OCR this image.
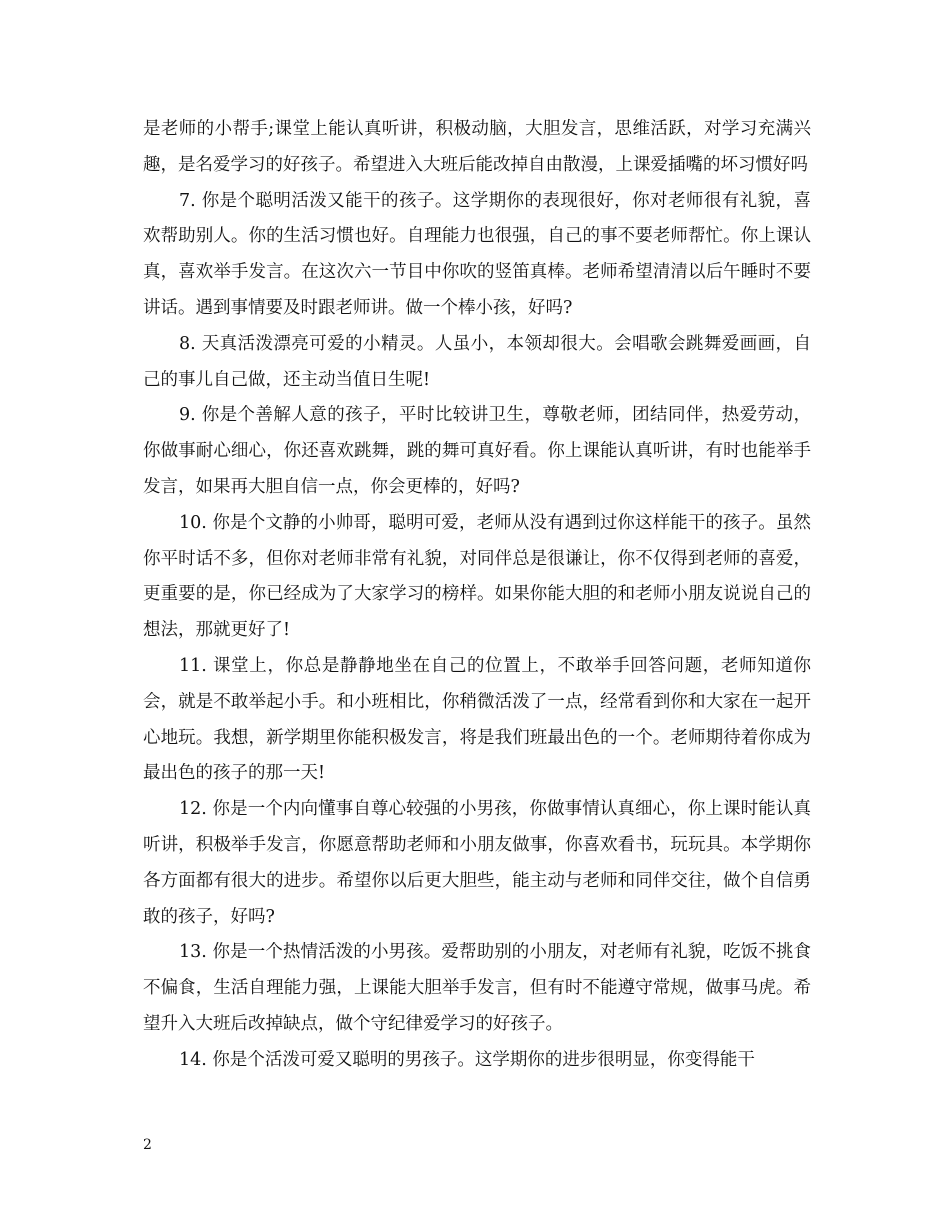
是老师的小帮手;课堂上能认真听讲，积极动脑，大胆发言，思维活跃，对学习充满兴趣，是名爱学习的好孩子。希望进入大班后能改掉自由散漫，上课爱插嘴的坏习惯好吗

7. 你是个聪明活泼又能干的孩子。这学期你的表现很好，你对老师很有礼貌，喜欢帮助别人。你的生活习惯也好。自理能力也很强，自己的事不要老师帮忙。你上课认真，喜欢举手发言。在这次六一节目中你吹的竖笛真棒。老师希望清清以后午睡时不要讲话。遇到事情要及时跟老师讲。做一个棒小孩，好吗?

8. 天真活泼漂亮可爱的小精灵。人虽小，本领却很大。会唱歌会跳舞爱画画，自己的事儿自己做，还主动当值日生呢!

9. 你是个善解人意的孩子，平时比较讲卫生，尊敬老师，团结同伴，热爱劳动，你做事耐心细心，你还喜欢跳舞，跳的舞可真好看。你上课能认真听讲，有时也能举手发言，如果再大胆自信一点，你会更棒的，好吗?

10. 你是个文静的小帅哥，聪明可爱，老师从没有遇到过你这样能干的孩子。虽然你平时话不多，但你对老师非常有礼貌，对同伴总是很谦让，你不仅得到老师的喜爱，更重要的是，你已经成为了大家学习的榜样。如果你能大胆的和老师小朋友说说自己的想法，那就更好了!

11. 课堂上，你总是静静地坐在自己的位置上，不敢举手回答问题，老师知道你会，就是不敢举起小手。和小班相比，你稍微活泼了一点，经常看到你和大家在一起开心地玩。我想，新学期里你能积极发言，将是我们班最出色的一个。老师期待着你成为最出色的孩子的那一天!

12. 你是一个内向懂事自尊心较强的小男孩，你做事情认真细心，你上课时能认真听讲，积极举手发言，你愿意帮助老师和小朋友做事，你喜欢看书，玩玩具。本学期你各方面都有很大的进步。希望你以后更大胆些，能主动与老师和同伴交往，做个自信勇敢的孩子，好吗?

13. 你是一个热情活泼的小男孩。爱帮助别的小朋友，对老师有礼貌，吃饭不挑食不偏食，生活自理能力强，上课能大胆举手发言，但有时不能遵守常规，做事马虎。希望升入大班后改掉缺点，做个守纪律爱学习的好孩子。

14. 你是个活泼可爱又聪明的男孩子。这学期你的进步很明显，你变得能干

2
